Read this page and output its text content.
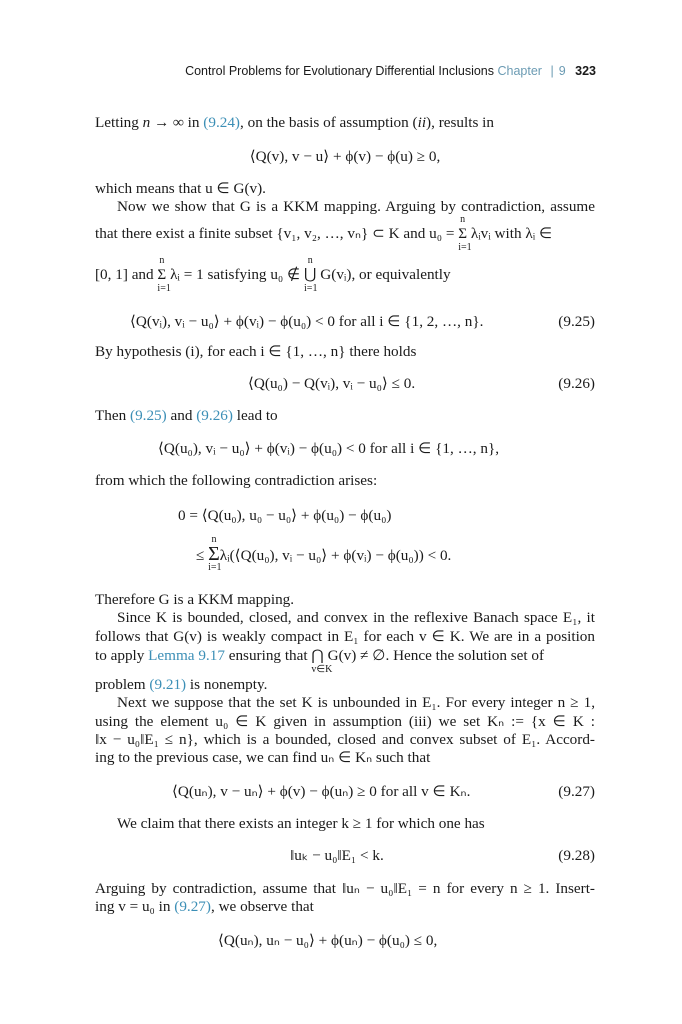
Control Problems for Evolutionary Differential Inclusions Chapter | 9 323
Letting n → ∞ in (9.24), on the basis of assumption (ii), results in
⟨Q(v), v − u⟩ + ϕ(v) − ϕ(u) ≥ 0,
which means that u ∈ G(v).
Now we show that G is a KKM mapping. Arguing by contradiction, assume
that there exist a finite subset {v₁, v₂, …, vₙ} ⊂ K and u₀ =
n
Σ
i=1
λᵢvᵢ with λᵢ ∈
[0, 1] and
n
Σ
i=1
λᵢ = 1 satisfying u₀ ∉
n
⋃
i=1
G(vᵢ), or equivalently
⟨Q(vᵢ), vᵢ − u₀⟩ + ϕ(vᵢ) − ϕ(u₀) < 0 for all i ∈ {1, 2, …, n}.	(9.25)
By hypothesis (i), for each i ∈ {1, …, n} there holds
⟨Q(u₀) − Q(vᵢ), vᵢ − u₀⟩ ≤ 0.	(9.26)
Then (9.25) and (9.26) lead to
⟨Q(u₀), vᵢ − u₀⟩ + ϕ(vᵢ) − ϕ(u₀) < 0 for all i ∈ {1, …, n},
from which the following contradiction arises:
0 = ⟨Q(u₀), u₀ − u₀⟩ + ϕ(u₀) − ϕ(u₀)
≤
n
Σ
i=1
λᵢ(⟨Q(u₀), vᵢ − u₀⟩ + ϕ(vᵢ) − ϕ(u₀)) < 0.
Therefore G is a KKM mapping.
Since K is bounded, closed, and convex in the reflexive Banach space E₁, it
follows that G(v) is weakly compact in E₁ for each v ∈ K. We are in a position
to apply Lemma 9.17 ensuring that ⋂
v∈K
G(v) ≠ ∅. Hence the solution set of
problem (9.21) is nonempty.
Next we suppose that the set K is unbounded in E₁. For every integer n ≥ 1,
using the element u₀ ∈ K given in assumption (iii) we set Kₙ := {x ∈ K :
‖x − u₀‖E₁ ≤ n}, which is a bounded, closed and convex subset of E₁. Accord-
ing to the previous case, we can find uₙ ∈ Kₙ such that
⟨Q(uₙ), v − uₙ⟩ + ϕ(v) − ϕ(uₙ) ≥ 0 for all v ∈ Kₙ.	(9.27)
We claim that there exists an integer k ≥ 1 for which one has
‖uₖ − u₀‖E₁ < k.	(9.28)
Arguing by contradiction, assume that ‖uₙ − u₀‖E₁ = n for every n ≥ 1. Insert-
ing v = u₀ in (9.27), we observe that
⟨Q(uₙ), uₙ − u₀⟩ + ϕ(uₙ) − ϕ(u₀) ≤ 0,
